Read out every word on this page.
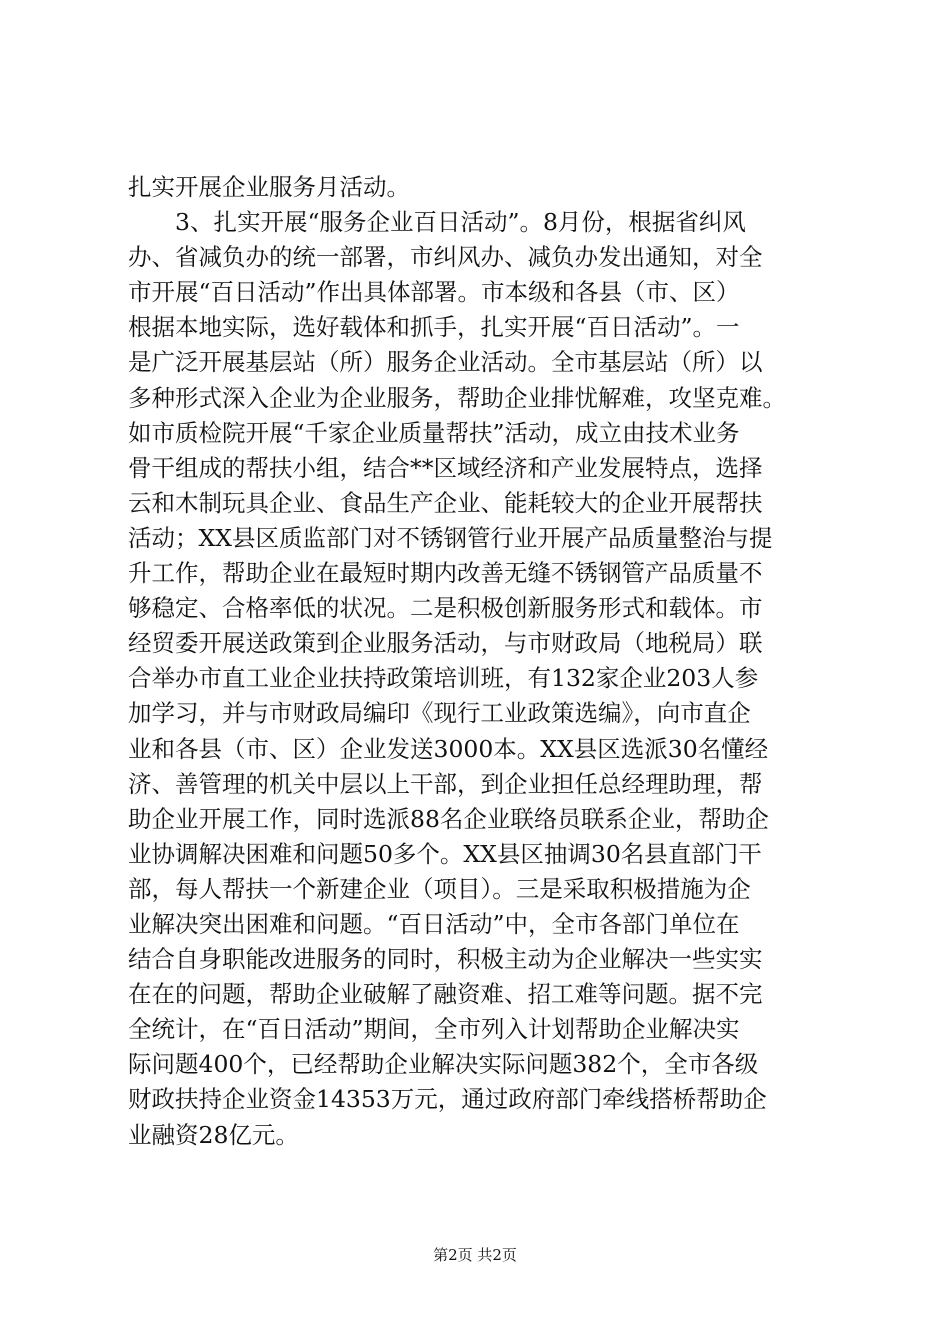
扎实开展企业服务月活动。
　　3、扎实开展“服务企业百日活动”。8月份，根据省纠风
办、省减负办的统一部署，市纠风办、减负办发出通知，对全
市开展“百日活动”作出具体部署。市本级和各县（市、区）
根据本地实际，选好载体和抓手，扎实开展“百日活动”。一
是广泛开展基层站（所）服务企业活动。全市基层站（所）以
多种形式深入企业为企业服务，帮助企业排忧解难，攻坚克难。
如市质检院开展“千家企业质量帮扶”活动，成立由技术业务
骨干组成的帮扶小组，结合**区域经济和产业发展特点，选择
云和木制玩具企业、食品生产企业、能耗较大的企业开展帮扶
活动；XX县区质监部门对不锈钢管行业开展产品质量整治与提
升工作，帮助企业在最短时期内改善无缝不锈钢管产品质量不
够稳定、合格率低的状况。二是积极创新服务形式和载体。市
经贸委开展送政策到企业服务活动，与市财政局（地税局）联
合举办市直工业企业扶持政策培训班，有132家企业203人参
加学习，并与市财政局编印《现行工业政策选编》，向市直企
业和各县（市、区）企业发送3000本。XX县区选派30名懂经
济、善管理的机关中层以上干部，到企业担任总经理助理，帮
助企业开展工作，同时选派88名企业联络员联系企业，帮助企
业协调解决困难和问题50多个。XX县区抽调30名县直部门干
部，每人帮扶一个新建企业（项目）。三是采取积极措施为企
业解决突出困难和问题。“百日活动”中，全市各部门单位在
结合自身职能改进服务的同时，积极主动为企业解决一些实实
在在的问题，帮助企业破解了融资难、招工难等问题。据不完
全统计，在“百日活动”期间，全市列入计划帮助企业解决实
际问题400个，已经帮助企业解决实际问题382个，全市各级
财政扶持企业资金14353万元，通过政府部门牵线搭桥帮助企
业融资28亿元。
第2页 共2页
